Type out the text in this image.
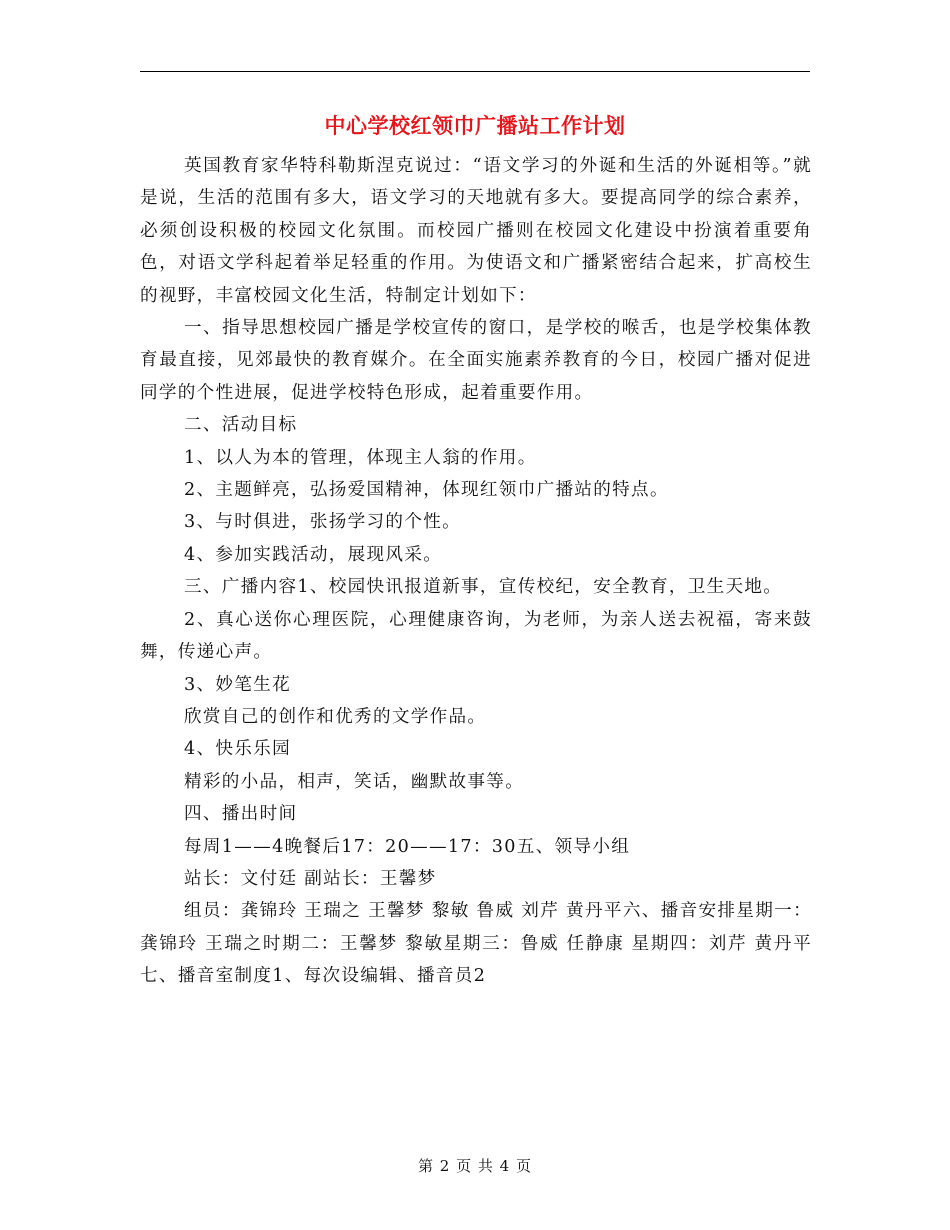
中心学校红领巾广播站工作计划

英国教育家华特科勒斯涅克说过：“语文学习的外诞和生活的外诞相等。”就是说，生活的范围有多大，语文学习的天地就有多大。要提高同学的综合素养，必须创设积极的校园文化氛围。而校园广播则在校园文化建设中扮演着重要角色，对语文学科起着举足轻重的作用。为使语文和广播紧密结合起来，扩高校生的视野，丰富校园文化生活，特制定计划如下：

一、指导思想校园广播是学校宣传的窗口，是学校的喉舌，也是学校集体教育最直接，见郊最快的教育媒介。在全面实施素养教育的今日，校园广播对促进同学的个性进展，促进学校特色形成，起着重要作用。

二、活动目标

1、以人为本的管理，体现主人翁的作用。

2、主题鲜亮，弘扬爱国精神，体现红领巾广播站的特点。

3、与时俱进，张扬学习的个性。

4、参加实践活动，展现风采。

三、广播内容1、校园快讯报道新事，宣传校纪，安全教育，卫生天地。

2、真心送你心理医院，心理健康咨询，为老师，为亲人送去祝福，寄来鼓舞，传递心声。

3、妙笔生花

欣赏自己的创作和优秀的文学作品。

4、快乐乐园

精彩的小品，相声，笑话，幽默故事等。

四、播出时间

每周1——4晚餐后17：20——17：30五、领导小组

站长：文付廷 副站长：王馨梦

组员：龚锦玲 王瑞之 王馨梦 黎敏 鲁威 刘芹 黄丹平六、播音安排星期一：龚锦玲 王瑞之时期二：王馨梦 黎敏星期三：鲁威 任静康 星期四：刘芹 黄丹平 七、播音室制度1、每次设编辑、播音员2

第 2 页 共 4 页
